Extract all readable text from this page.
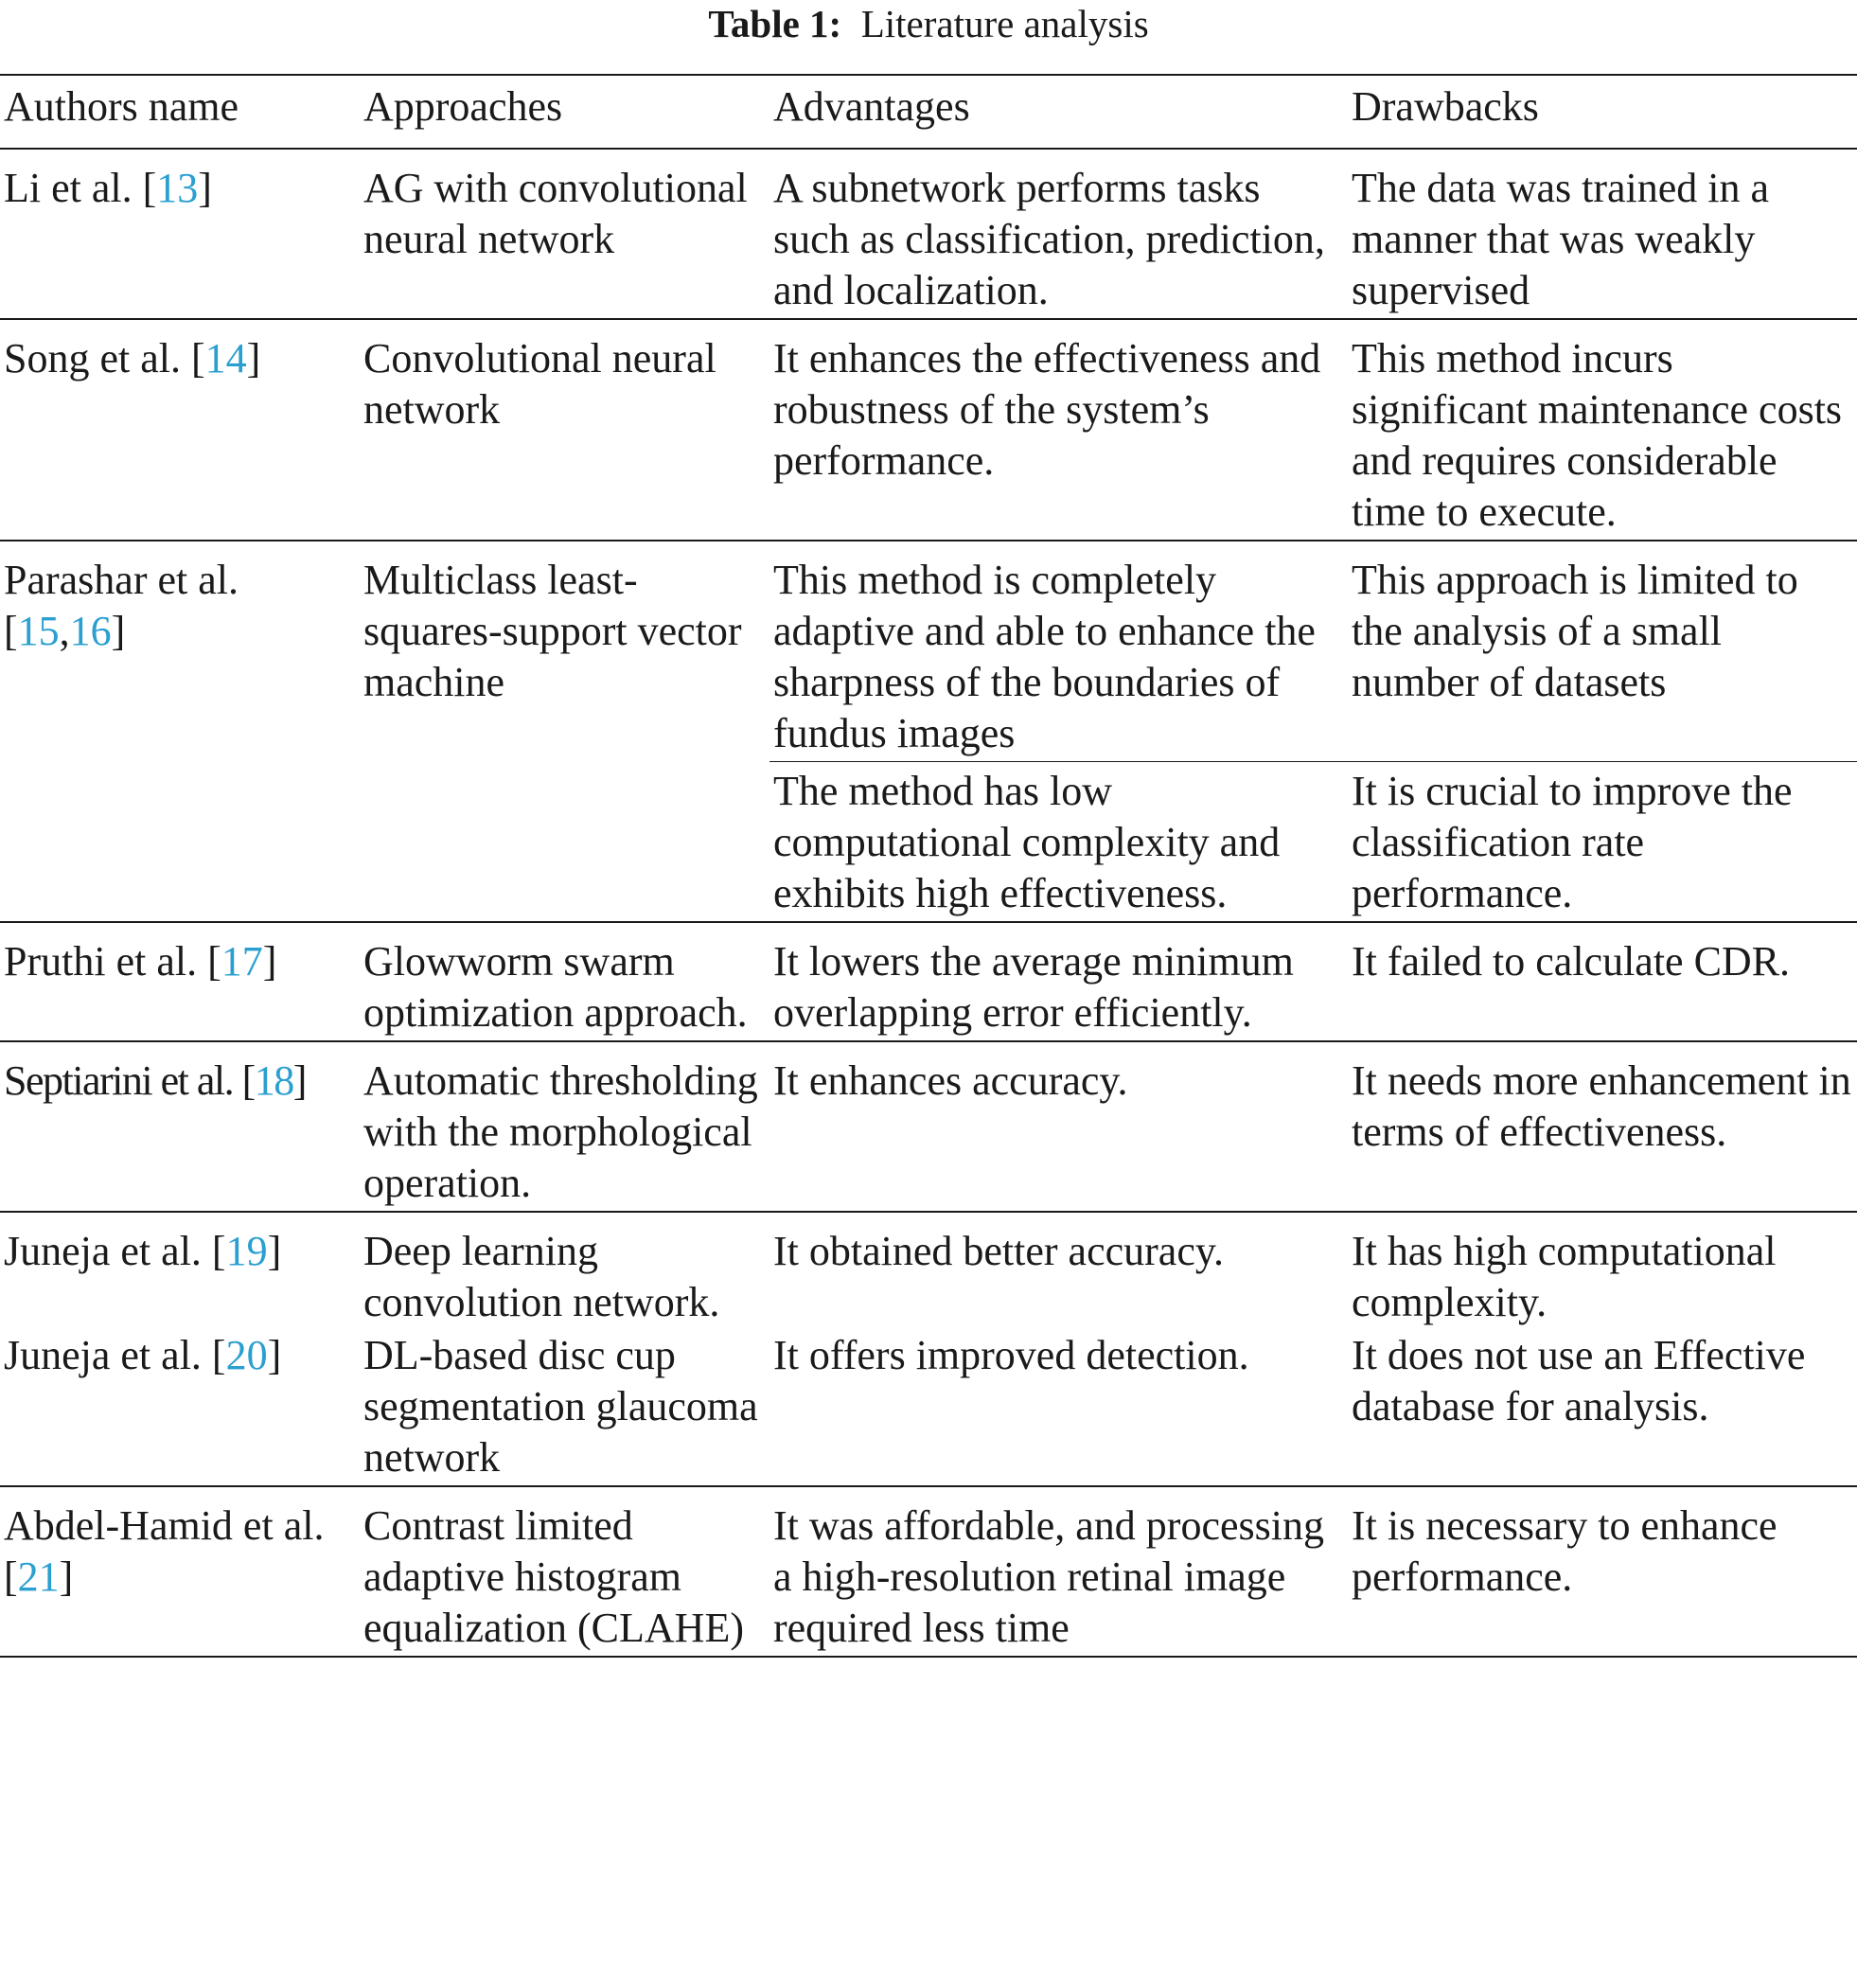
Table 1: Literature analysis
Authors name	Approaches	Advantages	Drawbacks
Li et al. [13]	AG with convolutional neural network	A subnetwork performs tasks such as classification, prediction, and localization.	The data was trained in a manner that was weakly supervised
Song et al. [14]	Convolutional neural network	It enhances the effectiveness and robustness of the system’s performance.	This method incurs significant maintenance costs and requires considerable time to execute.
Parashar et al. [15,16]	Multiclass least-squares-support vector machine	This method is completely adaptive and able to enhance the sharpness of the boundaries of fundus images	This approach is limited to the analysis of a small number of datasets
		The method has low computational complexity and exhibits high effectiveness.	It is crucial to improve the classification rate performance.
Pruthi et al. [17]	Glowworm swarm optimization approach.	It lowers the average minimum overlapping error efficiently.	It failed to calculate CDR.
Septiarini et al. [18]	Automatic thresholding with the morphological operation.	It enhances accuracy.	It needs more enhancement in terms of effectiveness.
Juneja et al. [19]	Deep learning convolution network.	It obtained better accuracy.	It has high computational complexity.
Juneja et al. [20]	DL-based disc cup segmentation glaucoma network	It offers improved detection.	It does not use an Effective database for analysis.
Abdel-Hamid et al. [21]	Contrast limited adaptive histogram equalization (CLAHE)	It was affordable, and processing a high-resolution retinal image required less time	It is necessary to enhance performance.
